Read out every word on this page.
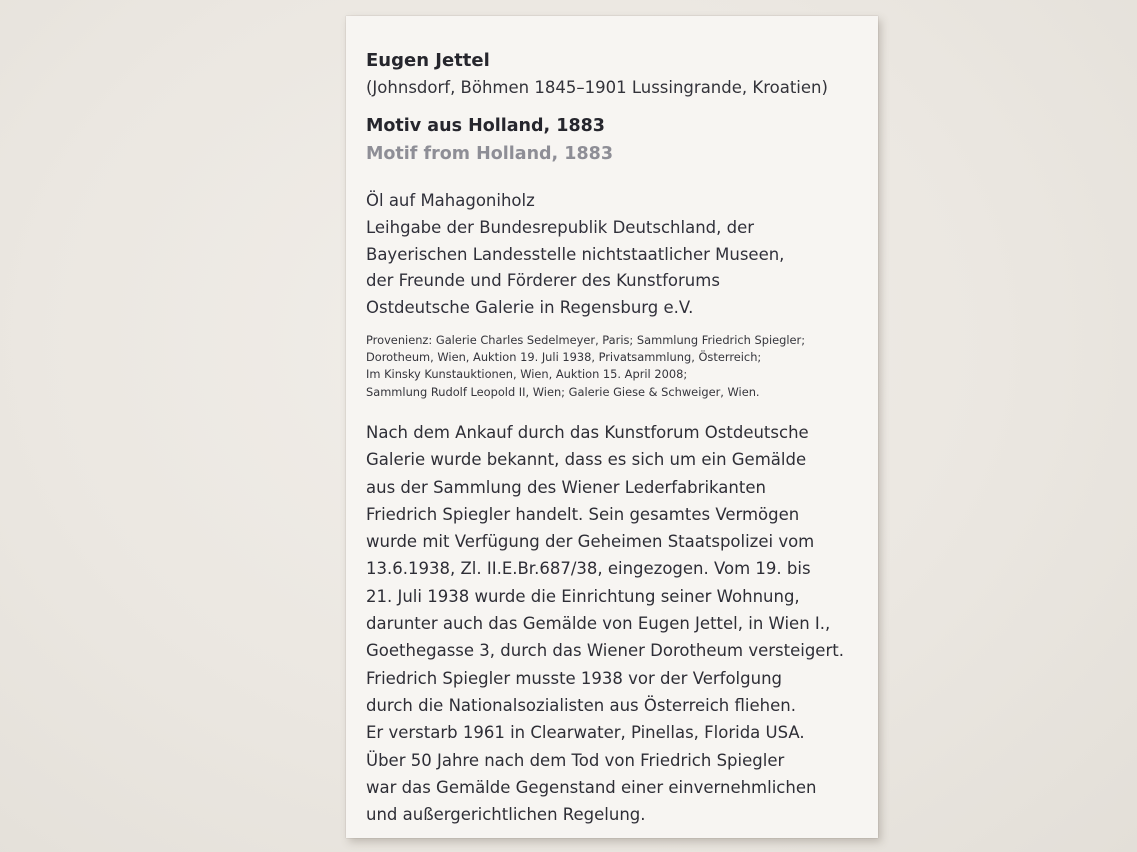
Eugen Jettel
(Johnsdorf, Böhmen 1845–1901 Lussingrande, Kroatien)
Motiv aus Holland, 1883
Motif from Holland, 1883
Öl auf Mahagoniholz
Leihgabe der Bundesrepublik Deutschland, der
Bayerischen Landesstelle nichtstaatlicher Museen,
der Freunde und Förderer des Kunstforums
Ostdeutsche Galerie in Regensburg e.V.
Provenienz: Galerie Charles Sedelmeyer, Paris; Sammlung Friedrich Spiegler;
Dorotheum, Wien, Auktion 19. Juli 1938, Privatsammlung, Österreich;
Im Kinsky Kunstauktionen, Wien, Auktion 15. April 2008;
Sammlung Rudolf Leopold II, Wien; Galerie Giese & Schweiger, Wien.
Nach dem Ankauf durch das Kunstforum Ostdeutsche
Galerie wurde bekannt, dass es sich um ein Gemälde
aus der Sammlung des Wiener Lederfabrikanten
Friedrich Spiegler handelt. Sein gesamtes Vermögen
wurde mit Verfügung der Geheimen Staatspolizei vom
13.6.1938, Zl. II.E.Br.687/38, eingezogen. Vom 19. bis
21. Juli 1938 wurde die Einrichtung seiner Wohnung,
darunter auch das Gemälde von Eugen Jettel, in Wien I.,
Goethegasse 3, durch das Wiener Dorotheum versteigert.
Friedrich Spiegler musste 1938 vor der Verfolgung
durch die Nationalsozialisten aus Österreich fliehen.
Er verstarb 1961 in Clearwater, Pinellas, Florida USA.
Über 50 Jahre nach dem Tod von Friedrich Spiegler
war das Gemälde Gegenstand einer einvernehmlichen
und außergerichtlichen Regelung.
